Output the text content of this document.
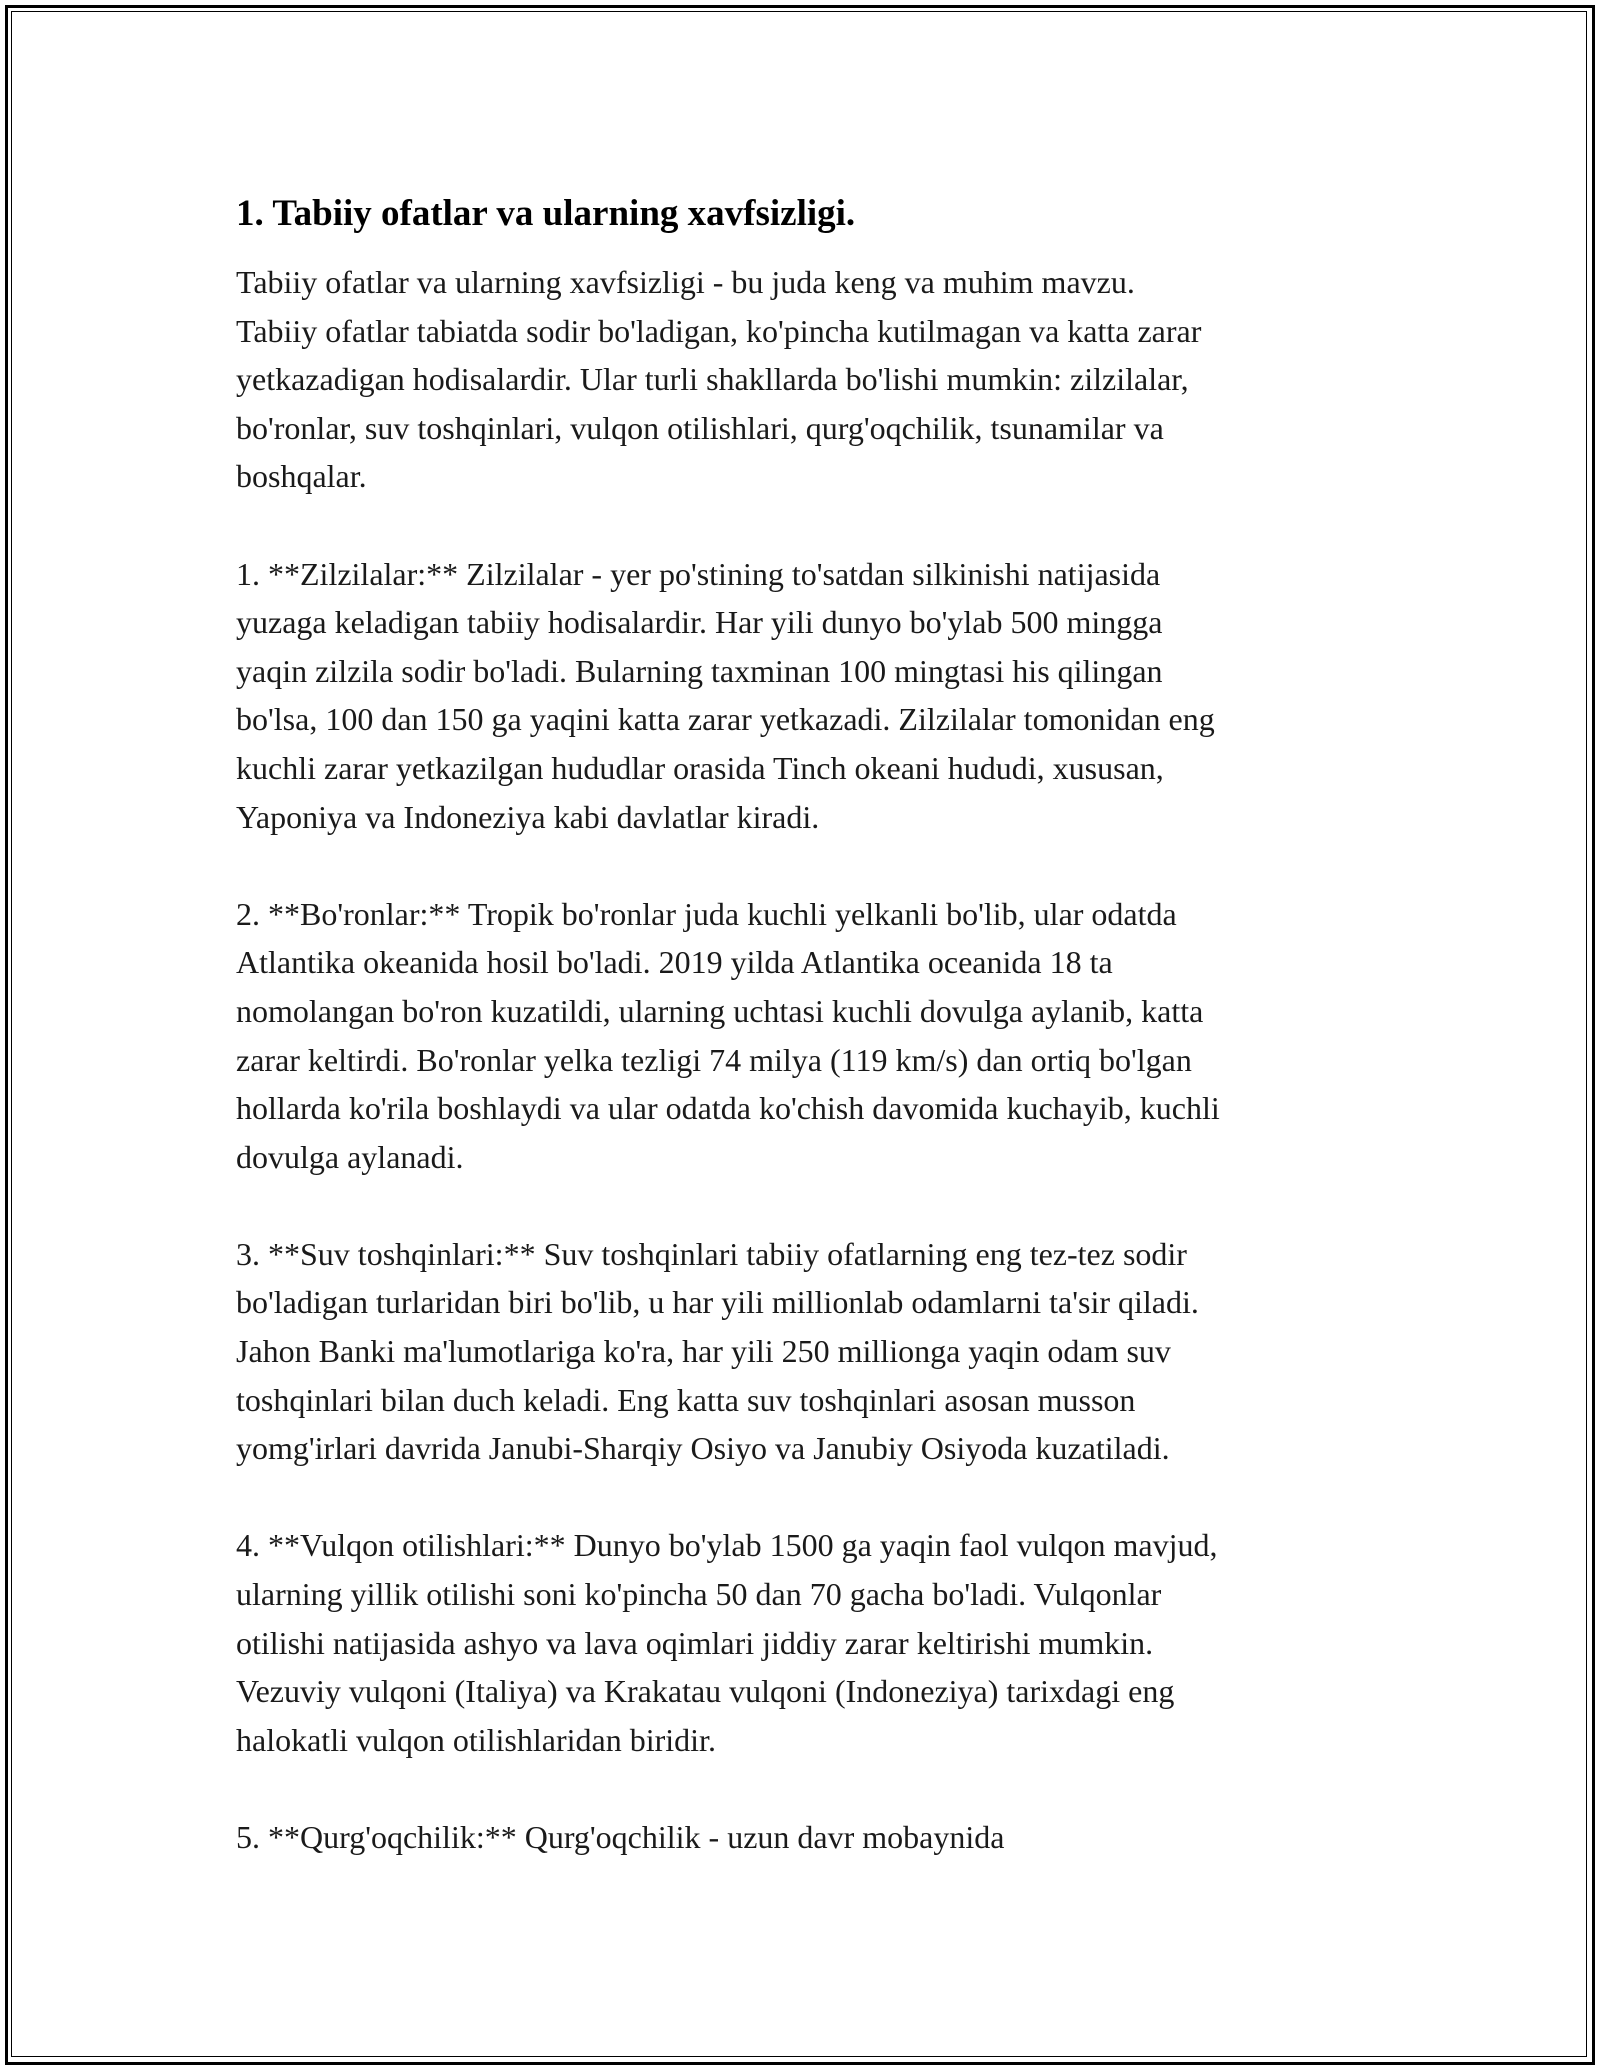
1. Tabiiy ofatlar va ularning xavfsizligi.
Tabiiy ofatlar va ularning xavfsizligi - bu juda keng va muhim mavzu.
Tabiiy ofatlar tabiatda sodir bo'ladigan, ko'pincha kutilmagan va katta zarar
yetkazadigan hodisalardir. Ular turli shakllarda bo'lishi mumkin: zilzilalar,
bo'ronlar, suv toshqinlari, vulqon otilishlari, qurg'oqchilik, tsunamilar va
boshqalar.
1. **Zilzilalar:** Zilzilalar - yer po'stining to'satdan silkinishi natijasida
yuzaga keladigan tabiiy hodisalardir. Har yili dunyo bo'ylab 500 mingga
yaqin zilzila sodir bo'ladi. Bularning taxminan 100 mingtasi his qilingan
bo'lsa, 100 dan 150 ga yaqini katta zarar yetkazadi. Zilzilalar tomonidan eng
kuchli zarar yetkazilgan hududlar orasida Tinch okeani hududi, xususan,
Yaponiya va Indoneziya kabi davlatlar kiradi.
2. **Bo'ronlar:** Tropik bo'ronlar juda kuchli yelkanli bo'lib, ular odatda
Atlantika okeanida hosil bo'ladi. 2019 yilda Atlantika oceanida 18 ta
nomolangan bo'ron kuzatildi, ularning uchtasi kuchli dovulga aylanib, katta
zarar keltirdi. Bo'ronlar yelka tezligi 74 milya (119 km/s) dan ortiq bo'lgan
hollarda ko'rila boshlaydi va ular odatda ko'chish davomida kuchayib, kuchli
dovulga aylanadi.
3. **Suv toshqinlari:** Suv toshqinlari tabiiy ofatlarning eng tez-tez sodir
bo'ladigan turlaridan biri bo'lib, u har yili millionlab odamlarni ta'sir qiladi.
Jahon Banki ma'lumotlariga ko'ra, har yili 250 millionga yaqin odam suv
toshqinlari bilan duch keladi. Eng katta suv toshqinlari asosan musson
yomg'irlari davrida Janubi-Sharqiy Osiyo va Janubiy Osiyoda kuzatiladi.
4. **Vulqon otilishlari:** Dunyo bo'ylab 1500 ga yaqin faol vulqon mavjud,
ularning yillik otilishi soni ko'pincha 50 dan 70 gacha bo'ladi. Vulqonlar
otilishi natijasida ashyo va lava oqimlari jiddiy zarar keltirishi mumkin.
Vezuviy vulqoni (Italiya) va Krakatau vulqoni (Indoneziya) tarixdagi eng
halokatli vulqon otilishlaridan biridir.
5. **Qurg'oqchilik:** Qurg'oqchilik - uzun davr mobaynida
